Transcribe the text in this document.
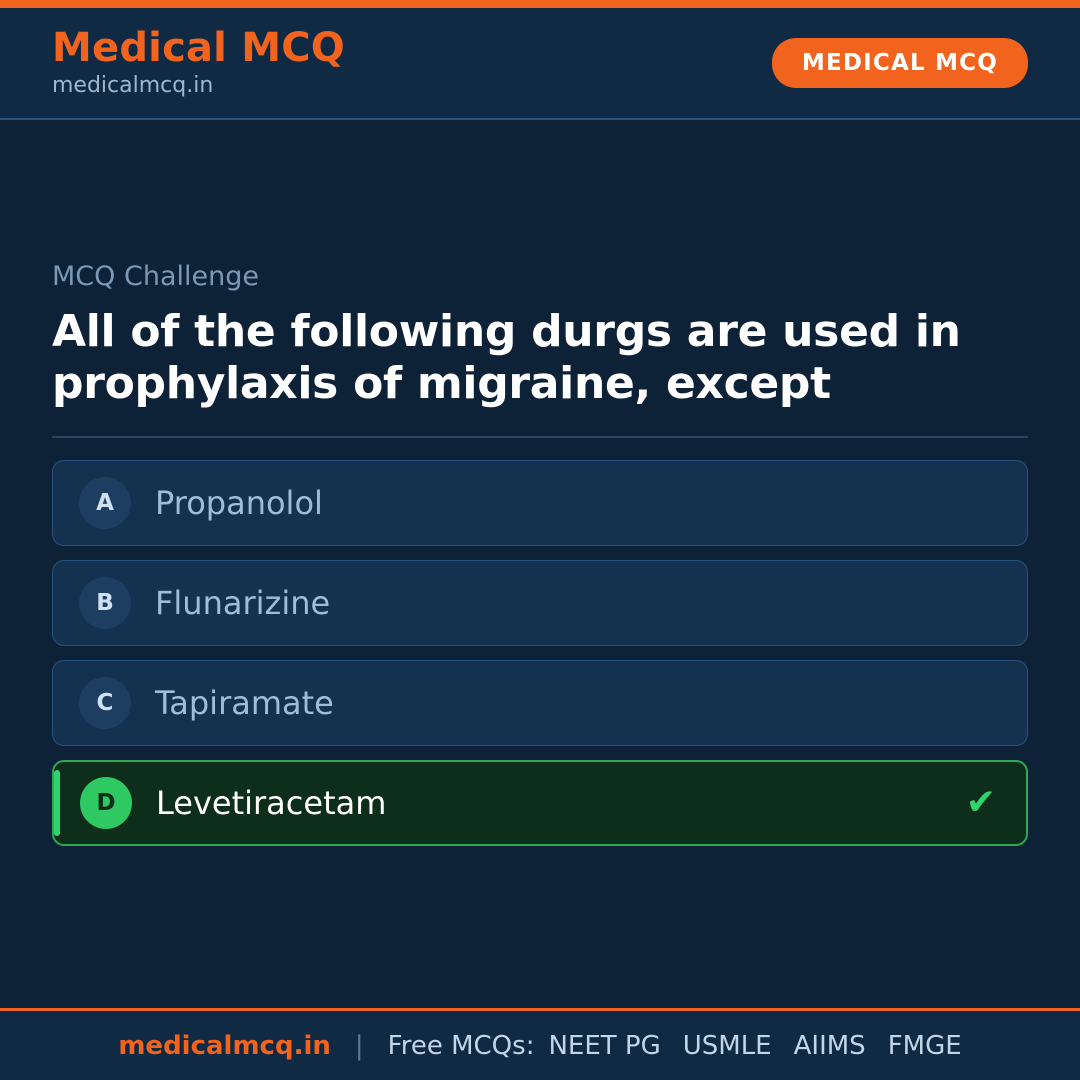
Medical MCQ
medicalmcq.in
MEDICAL MCQ
MCQ Challenge
All of the following durgs are used in prophylaxis of migraine, except
A	Propanolol
B	Flunarizine
C	Tapiramate
D	Levetiracetam	✔
medicalmcq.in | Free MCQs: NEET PG USMLE AIIMS FMGE
